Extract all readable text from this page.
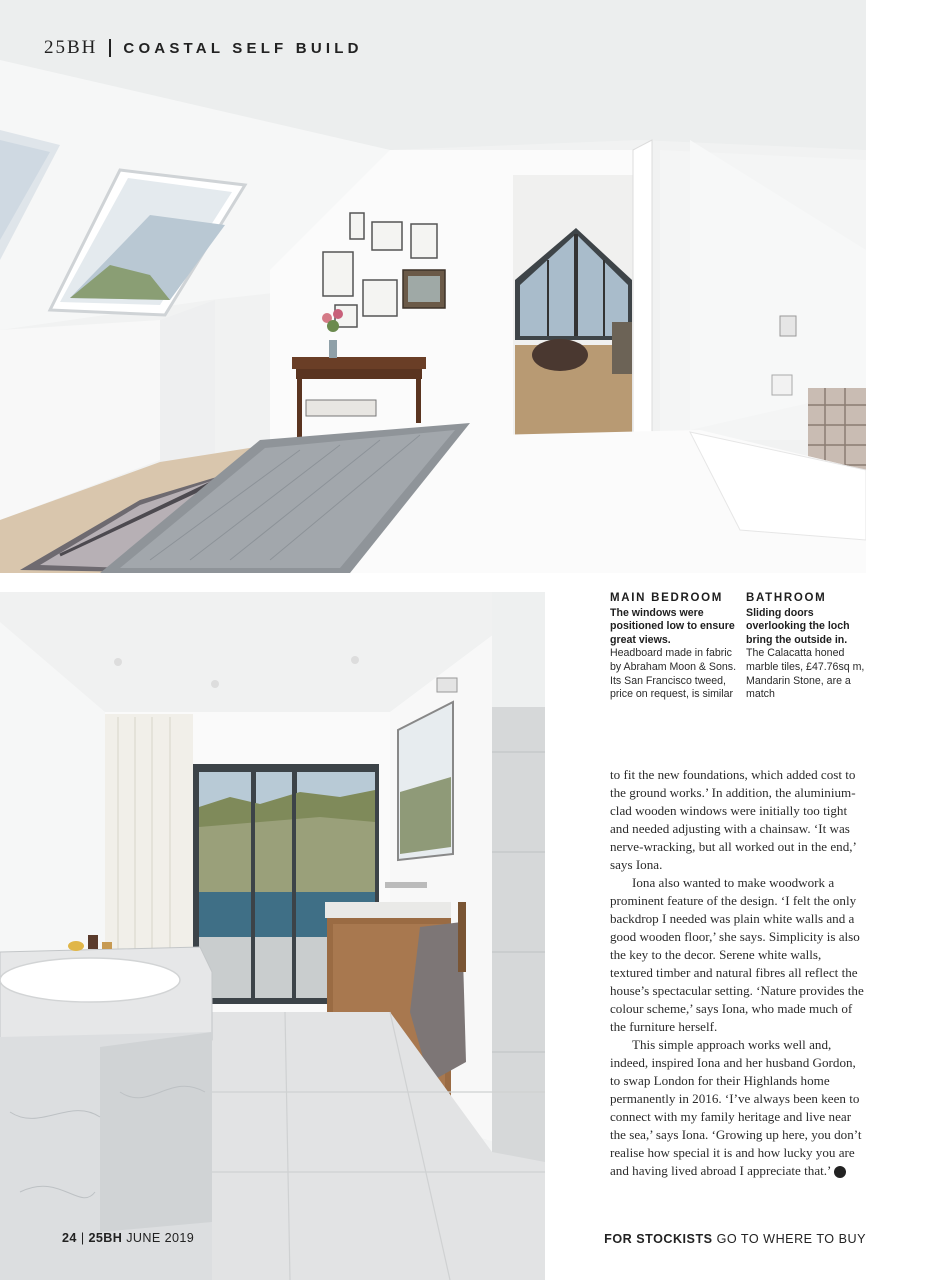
25BH COASTAL SELF BUILD
MAIN BEDROOM
The windows were positioned low to ensure great views.
Headboard made in fabric by Abraham Moon & Sons. Its San Francisco tweed, price on request, is similar
BATHROOM
Sliding doors overlooking the loch bring the outside in.
The Calacatta honed marble tiles, £47.76sq m, Mandarin Stone, are a match

to fit the new foundations, which added cost to the ground works.’ In addition, the aluminium-clad wooden windows were initially too tight and needed adjusting with a chainsaw. ‘It was nerve-wracking, but all worked out in the end,’ says Iona.

Iona also wanted to make woodwork a prominent feature of the design. ‘I felt the only backdrop I needed was plain white walls and a good wooden floor,’ she says. Simplicity is also the key to the decor. Serene white walls, textured timber and natural fibres all reflect the house’s spectacular setting. ‘Nature provides the colour scheme,’ says Iona, who made much of the furniture herself.

This simple approach works well and, indeed, inspired Iona and her husband Gordon, to swap London for their Highlands home permanently in 2016. ‘I’ve always been keen to connect with my family heritage and live near the sea,’ says Iona. ‘Growing up here, you don’t realise how special it is and how lucky you are and having lived abroad I appreciate that.’	25

24 | 25BH JUNE 2019	FOR STOCKISTS GO TO WHERE TO BUY
